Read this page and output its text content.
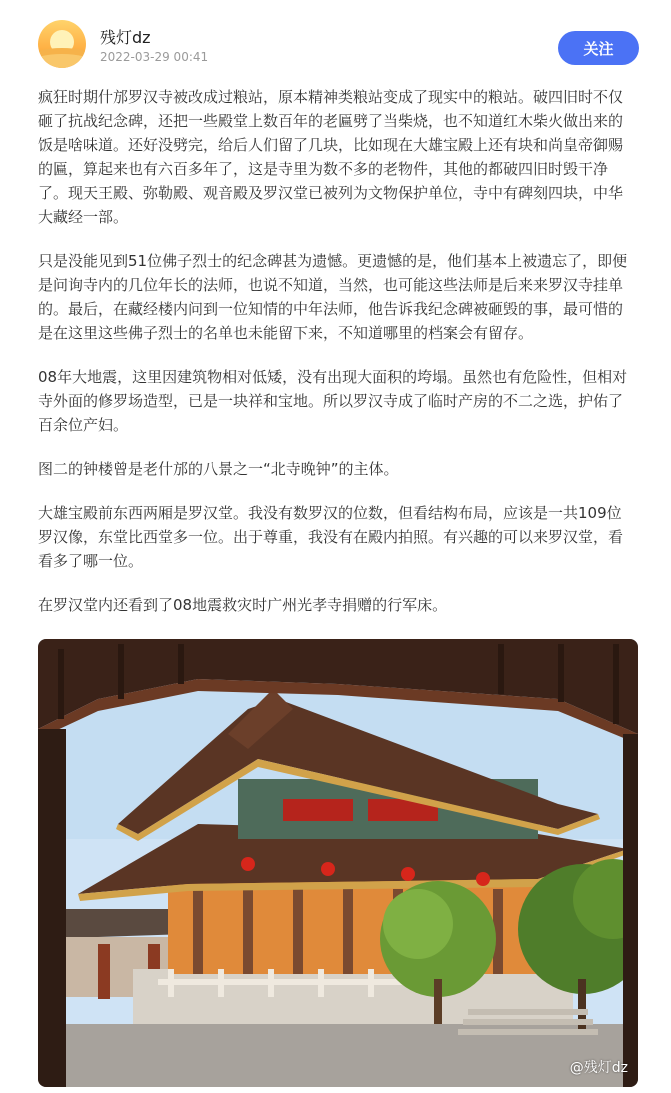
残灯dz
2022-03-29 00:41	关注

疯狂时期什邡罗汉寺被改成过粮站，原本精神类粮站变成了现实中的粮站。破四旧时不仅砸了抗战纪念碑，还把一些殿堂上数百年的老匾劈了当柴烧，也不知道红木柴火做出来的饭是啥味道。还好没劈完，给后人们留了几块，比如现在大雄宝殿上还有块和尚皇帝御赐的匾，算起来也有六百多年了，这是寺里为数不多的老物件，其他的都破四旧时毁干净了。现天王殿、弥勒殿、观音殿及罗汉堂已被列为文物保护单位，寺中有碑刻四块，中华大藏经一部。

只是没能见到51位佛子烈士的纪念碑甚为遗憾。更遗憾的是，他们基本上被遗忘了，即便是问询寺内的几位年长的法师，也说不知道，当然，也可能这些法师是后来来罗汉寺挂单的。最后，在藏经楼内问到一位知情的中年法师，他告诉我纪念碑被砸毁的事，最可惜的是在这里这些佛子烈士的名单也未能留下来，不知道哪里的档案会有留存。

08年大地震，这里因建筑物相对低矮，没有出现大面积的垮塌。虽然也有危险性，但相对寺外面的修罗场造型，已是一块祥和宝地。所以罗汉寺成了临时产房的不二之选，护佑了百余位产妇。

图二的钟楼曾是老什邡的八景之一“北寺晚钟”的主体。

大雄宝殿前东西两厢是罗汉堂。我没有数罗汉的位数，但看结构布局，应该是一共109位罗汉像，东堂比西堂多一位。出于尊重，我没有在殿内拍照。有兴趣的可以来罗汉堂，看看多了哪一位。

在罗汉堂内还看到了08地震救灾时广州光孝寺捐赠的行军床。

@残灯dz
